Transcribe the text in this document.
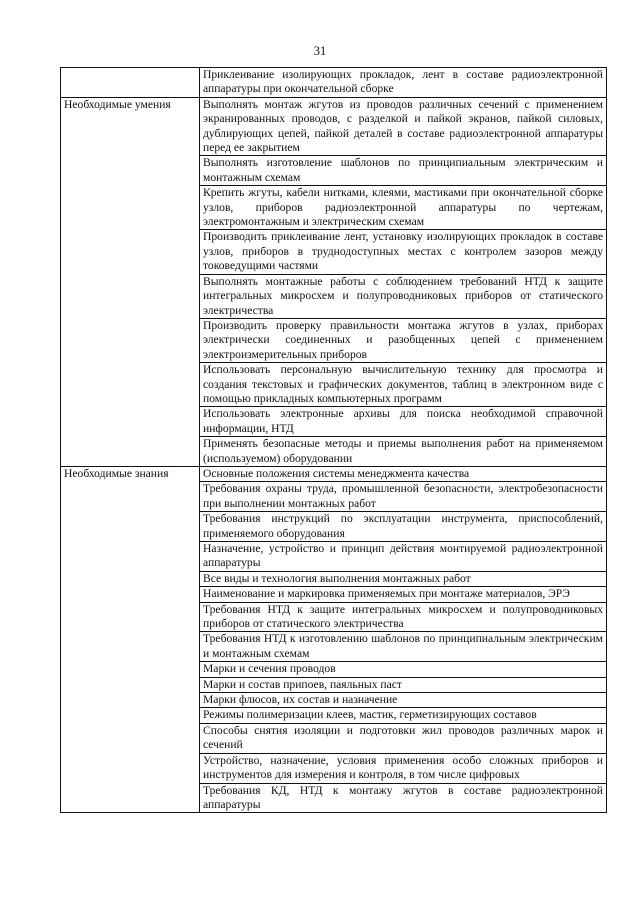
31
	Приклеивание изолирующих прокладок, лент в составе радиоэлектронной аппаратуры при окончательной сборке
Необходимые умения	Выполнять монтаж жгутов из проводов различных сечений с применением экранированных проводов, с разделкой и пайкой экранов, пайкой силовых, дублирующих цепей, пайкой деталей в составе радиоэлектронной аппаратуры перед ее закрытием
	Выполнять изготовление шаблонов по принципиальным электрическим и монтажным схемам
	Крепить жгуты, кабели нитками, клеями, мастиками при окончательной сборке узлов, приборов радиоэлектронной аппаратуры по чертежам, электромонтажным и электрическим схемам
	Производить приклеивание лент, установку изолирующих прокладок в составе узлов, приборов в труднодоступных местах с контролем зазоров между токоведущими частями
	Выполнять монтажные работы с соблюдением требований НТД к защите интегральных микросхем и полупроводниковых приборов от статического электричества
	Производить проверку правильности монтажа жгутов в узлах, приборах электрически соединенных и разобщенных цепей с применением электроизмерительных приборов
	Использовать персональную вычислительную технику для просмотра и создания текстовых и графических документов, таблиц в электронном виде с помощью прикладных компьютерных программ
	Использовать электронные архивы для поиска необходимой справочной информации, НТД
	Применять безопасные методы и приемы выполнения работ на применяемом (используемом) оборудовании
Необходимые знания	Основные положения системы менеджмента качества
	Требования охраны труда, промышленной безопасности, электробезопасности при выполнении монтажных работ
	Требования инструкций по эксплуатации инструмента, приспособлений, применяемого оборудования
	Назначение, устройство и принцип действия монтируемой радиоэлектронной аппаратуры
	Все виды и технология выполнения монтажных работ
	Наименование и маркировка применяемых при монтаже материалов, ЭРЭ
	Требования НТД к защите интегральных микросхем и полупроводниковых приборов от статического электричества
	Требования НТД к изготовлению шаблонов по принципиальным электрическим и монтажным схемам
	Марки и сечения проводов
	Марки и состав припоев, паяльных паст
	Марки флюсов, их состав и назначение
	Режимы полимеризации клеев, мастик, герметизирующих составов
	Способы снятия изоляции и подготовки жил проводов различных марок и сечений
	Устройство, назначение, условия применения особо сложных приборов и инструментов для измерения и контроля, в том числе цифровых
	Требования КД, НТД к монтажу жгутов в составе радиоэлектронной аппаратуры
